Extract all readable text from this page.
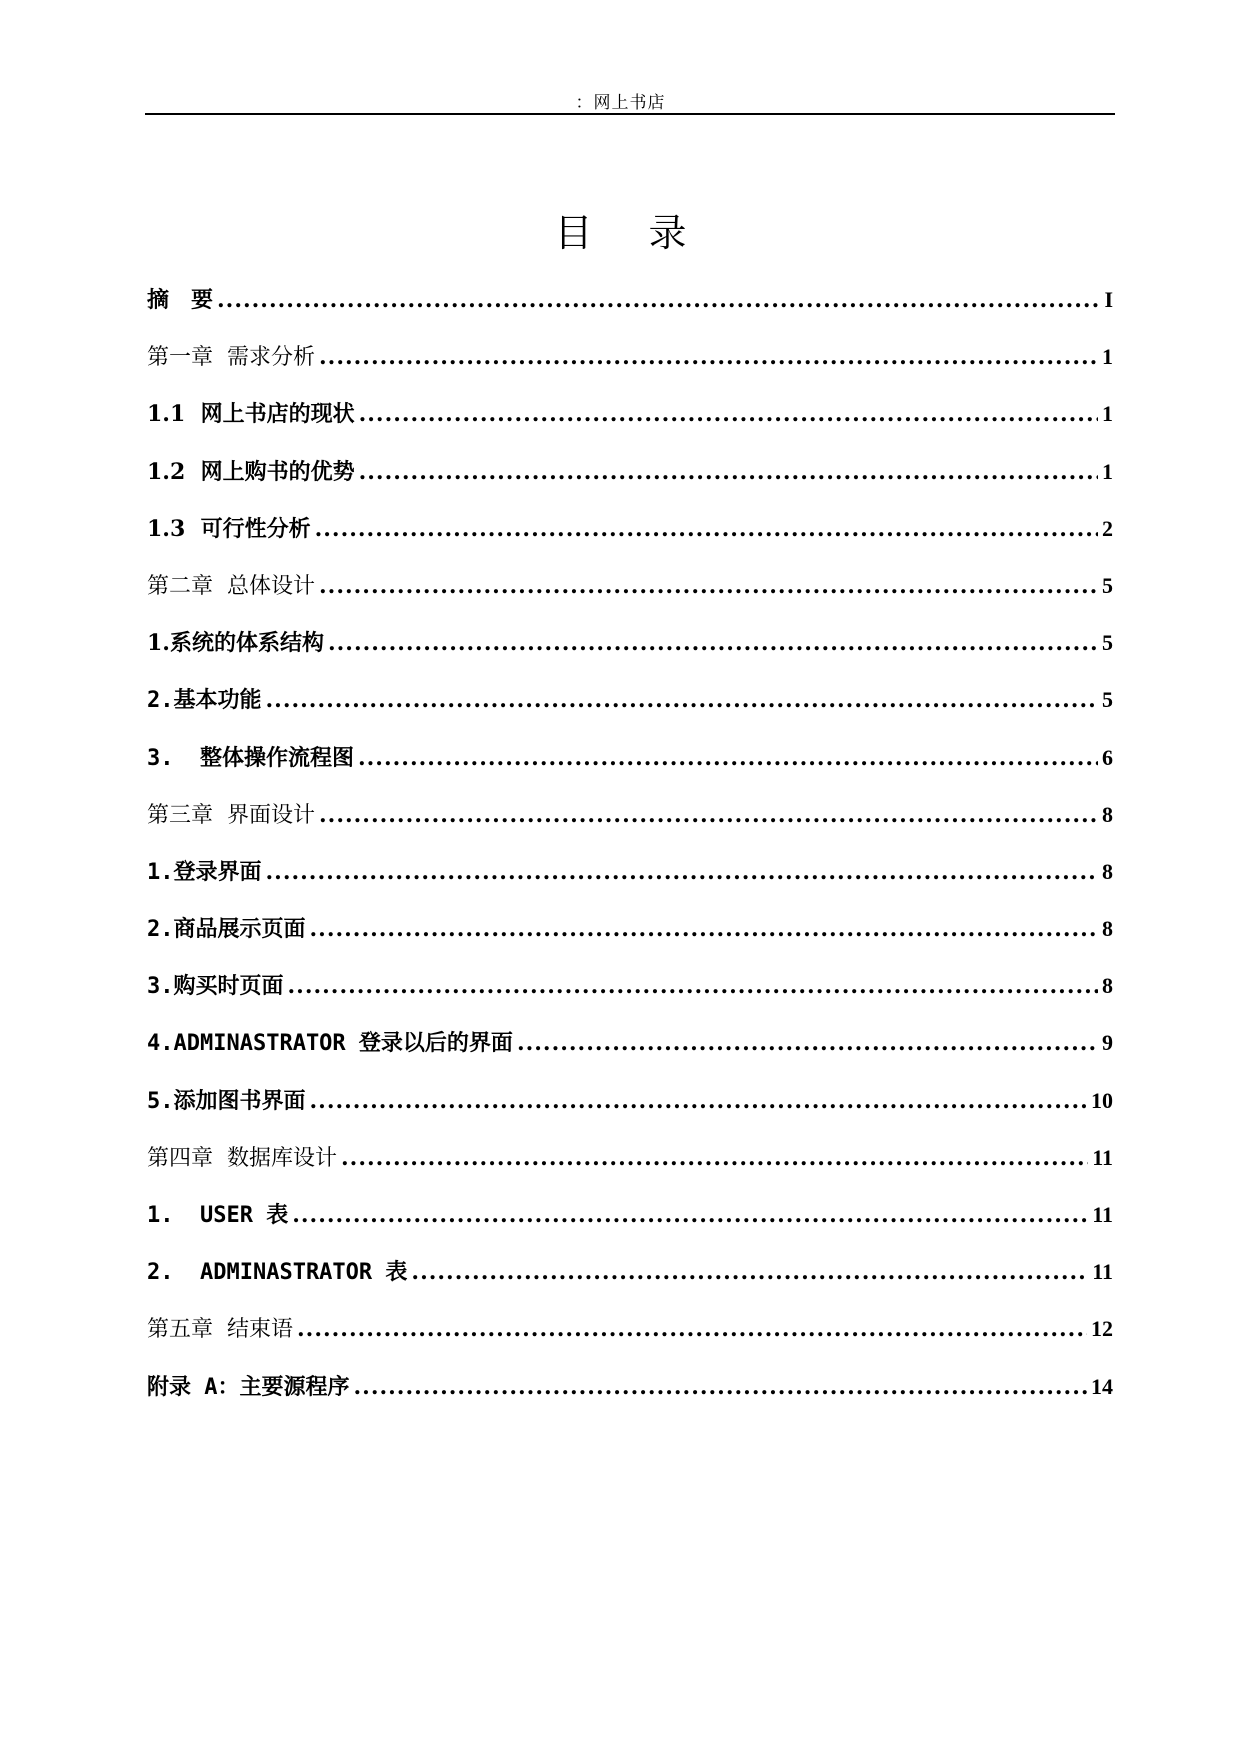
：网上书店
目录
摘　要 .....	I
第一章  需求分析 .....	1
1.1  网上书店的现状 .....	1
1.2  网上购书的优势 .....	1
1.3  可行性分析 .....	2
第二章  总体设计 .....	5
1.系统的体系结构 .....	5
2.基本功能 .....	5
3.  整体操作流程图 .....	6
第三章  界面设计 .....	8
1.登录界面 .....	8
2.商品展示页面 .....	8
3.购买时页面 .....	8
4.ADMINASTRATOR 登录以后的界面 .....	9
5.添加图书界面 .....	10
第四章  数据库设计 .....	11
1.  USER 表 .....	11
2.  ADMINASTRATOR 表 .....	11
第五章  结束语 .....	12
附录 A：主要源程序 .....	14
